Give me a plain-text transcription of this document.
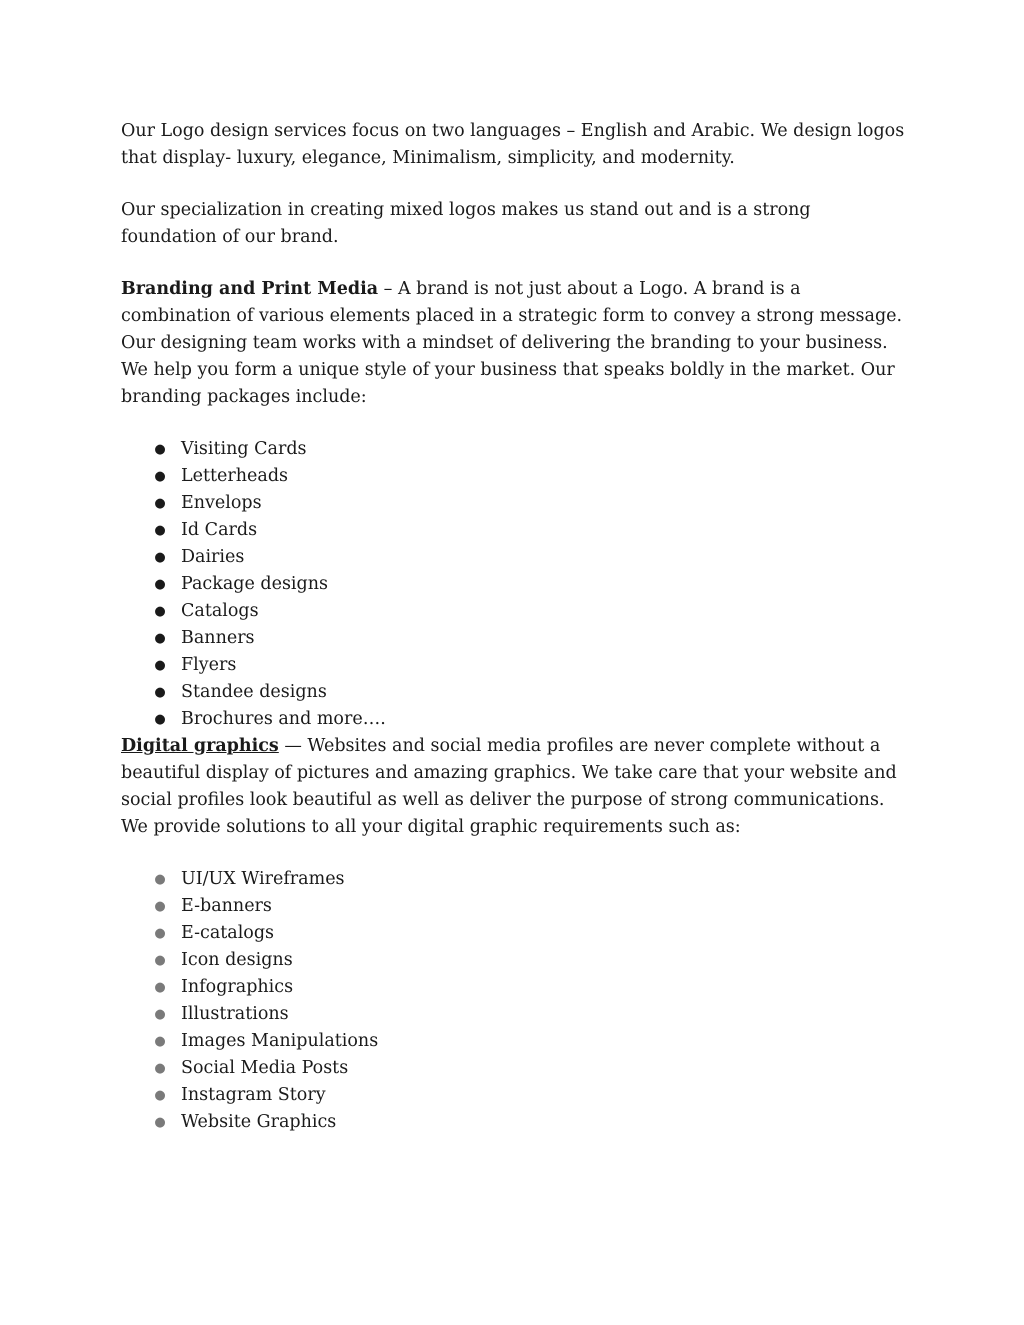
Our Logo design services focus on two languages – English and Arabic. We design logos that display- luxury, elegance, Minimalism, simplicity, and modernity.

Our specialization in creating mixed logos makes us stand out and is a strong foundation of our brand.

Branding and Print Media – A brand is not just about a Logo. A brand is a combination of various elements placed in a strategic form to convey a strong message. Our designing team works with a mindset of delivering the branding to your business. We help you form a unique style of your business that speaks boldly in the market. Our branding packages include:

● Visiting Cards
● Letterheads
● Envelops
● Id Cards
● Dairies
● Package designs
● Catalogs
● Banners
● Flyers
● Standee designs
● Brochures and more….

Digital graphics — Websites and social media profiles are never complete without a beautiful display of pictures and amazing graphics. We take care that your website and social profiles look beautiful as well as deliver the purpose of strong communications. We provide solutions to all your digital graphic requirements such as:

● UI/UX Wireframes
● E-banners
● E-catalogs
● Icon designs
● Infographics
● Illustrations
● Images Manipulations
● Social Media Posts
● Instagram Story
● Website Graphics
